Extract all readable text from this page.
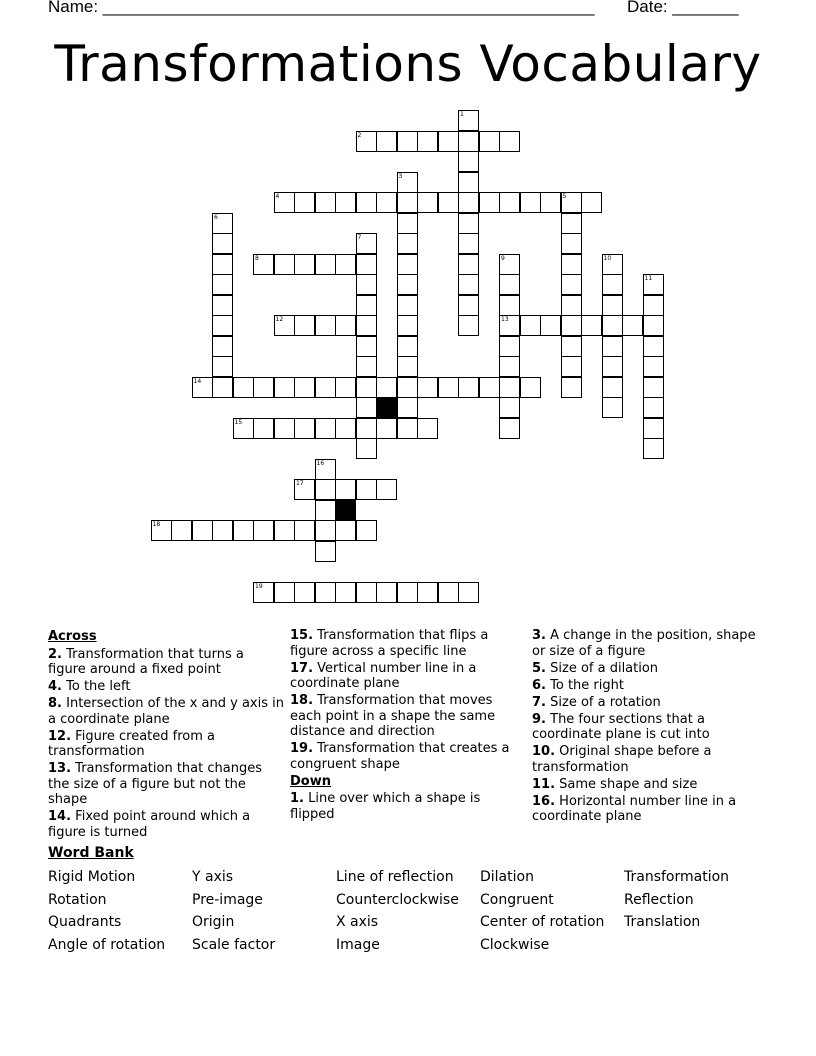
Name: ____________________________________________________ Date: _______
Transformations Vocabulary
1
2
3
4	5
6
7
8	9
13
10
11
12
14
15
16
17
18
19
Across
2. Transformation that turns a figure around a fixed point
4. To the left
8. Intersection of the x and y axis in a coordinate plane
12. Figure created from a transformation
13. Transformation that changes the size of a figure but not the shape
14. Fixed point around which a figure is turned
15. Transformation that flips a figure across a specific line
17. Vertical number line in a coordinate plane
18. Transformation that moves each point in a shape the same distance and direction
19. Transformation that creates a congruent shape
Down
1. Line over which a shape is flipped
3. A change in the position, shape or size of a figure
5. Size of a dilation
6. To the right
7. Size of a rotation
9. The four sections that a coordinate plane is cut into
10. Original shape before a transformation
11. Same shape and size
16. Horizontal number line in a coordinate plane
Word Bank
Rigid Motion
Rotation
Quadrants
Angle of rotation
Y axis
Pre-image
Origin
Scale factor
Line of reflection
Counterclockwise
X axis
Image
Dilation
Congruent
Center of rotation
Clockwise
Transformation
Reflection
Translation
